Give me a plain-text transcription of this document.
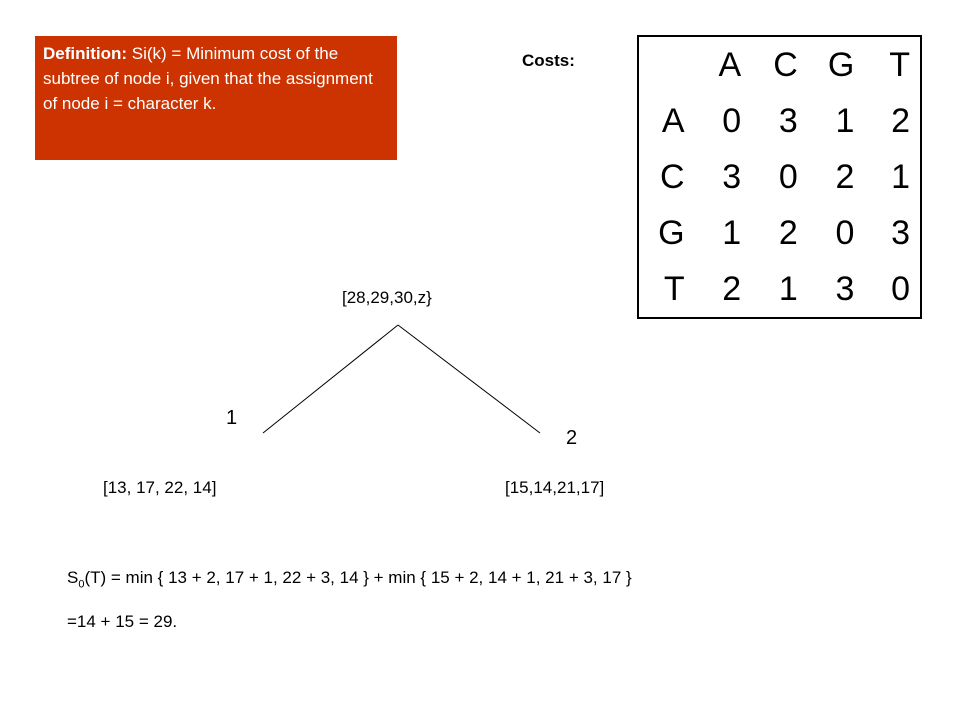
Definition: Si(k) = Minimum cost of the subtree of node i, given that the assignment of node i = character k.
Costs:
		A	C	G	T
A	0	3	1	2
C	3	0	2	1
G	1	2	0	3
T	2	1	3	0
[28,29,30,z}
1
2
[13, 17, 22, 14]	[15,14,21,17]
$S_0(T) = \min$ { 13 + 2, 17 + 1, 22 + 3, 14 } + min { 15 + 2, 14 + 1, 21 + 3, 17 }
=14 + 15 = 29.
